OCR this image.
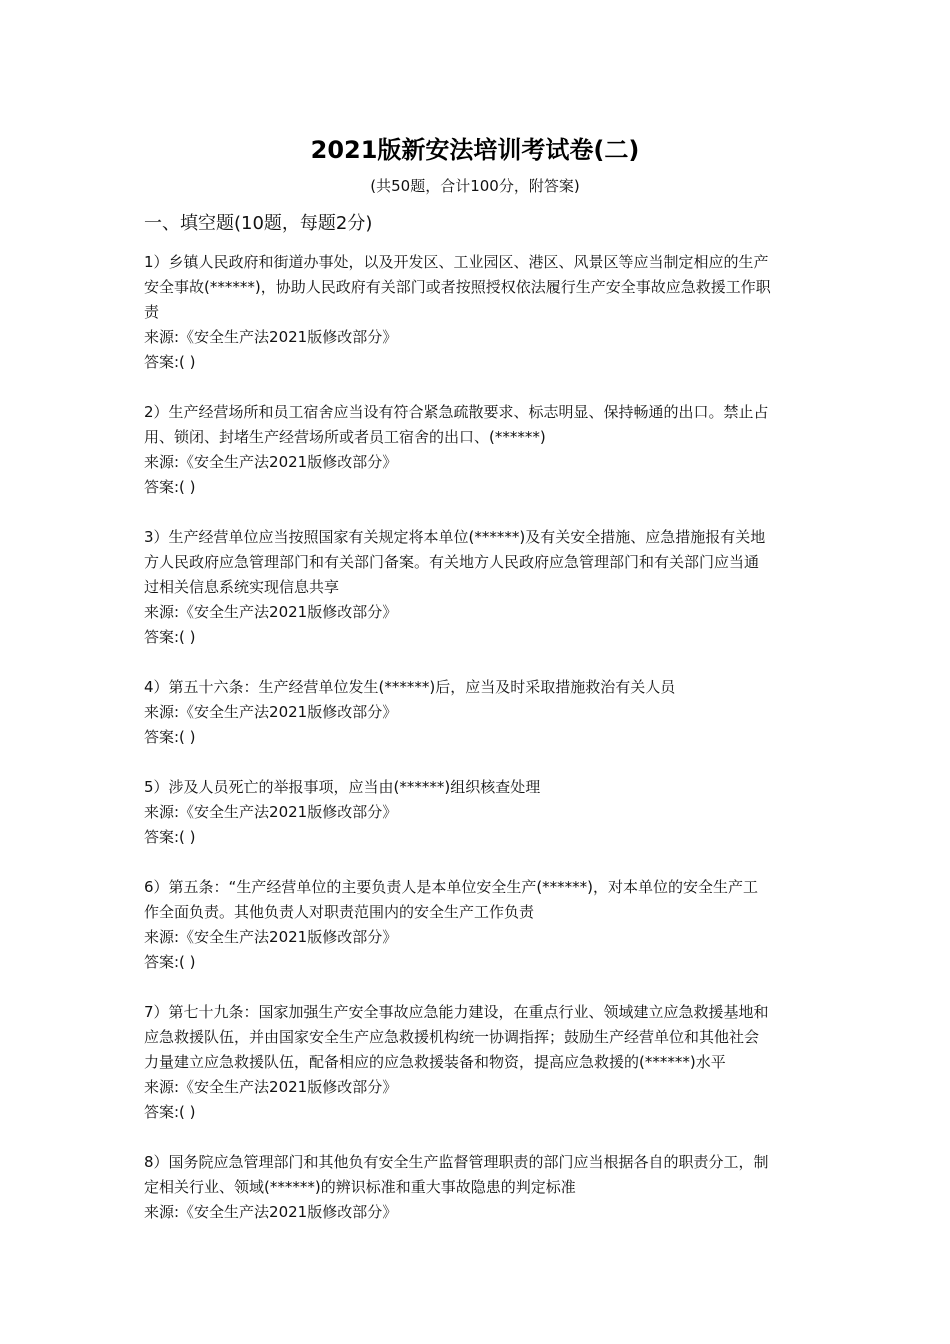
2021版新安法培训考试卷(二)
(共50题，合计100分，附答案)
一、填空题(10题，每题2分)
1）乡镇人民政府和街道办事处，以及开发区、工业园区、港区、风景区等应当制定相应的生产
安全事故(******)，协助人民政府有关部门或者按照授权依法履行生产安全事故应急救援工作职
责
来源:《安全生产法2021版修改部分》
答案:( )
2）生产经营场所和员工宿舍应当设有符合紧急疏散要求、标志明显、保持畅通的出口。禁止占
用、锁闭、封堵生产经营场所或者员工宿舍的出口、(******)
来源:《安全生产法2021版修改部分》
答案:( )
3）生产经营单位应当按照国家有关规定将本单位(******)及有关安全措施、应急措施报有关地
方人民政府应急管理部门和有关部门备案。有关地方人民政府应急管理部门和有关部门应当通
过相关信息系统实现信息共享
来源:《安全生产法2021版修改部分》
答案:( )
4）第五十六条：生产经营单位发生(******)后，应当及时采取措施救治有关人员
来源:《安全生产法2021版修改部分》
答案:( )
5）涉及人员死亡的举报事项，应当由(******)组织核查处理
来源:《安全生产法2021版修改部分》
答案:( )
6）第五条：“生产经营单位的主要负责人是本单位安全生产(******)，对本单位的安全生产工
作全面负责。其他负责人对职责范围内的安全生产工作负责
来源:《安全生产法2021版修改部分》
答案:( )
7）第七十九条：国家加强生产安全事故应急能力建设，在重点行业、领域建立应急救援基地和
应急救援队伍，并由国家安全生产应急救援机构统一协调指挥；鼓励生产经营单位和其他社会
力量建立应急救援队伍，配备相应的应急救援装备和物资，提高应急救援的(******)水平
来源:《安全生产法2021版修改部分》
答案:( )
8）国务院应急管理部门和其他负有安全生产监督管理职责的部门应当根据各自的职责分工，制
定相关行业、领域(******)的辨识标准和重大事故隐患的判定标准
来源:《安全生产法2021版修改部分》
